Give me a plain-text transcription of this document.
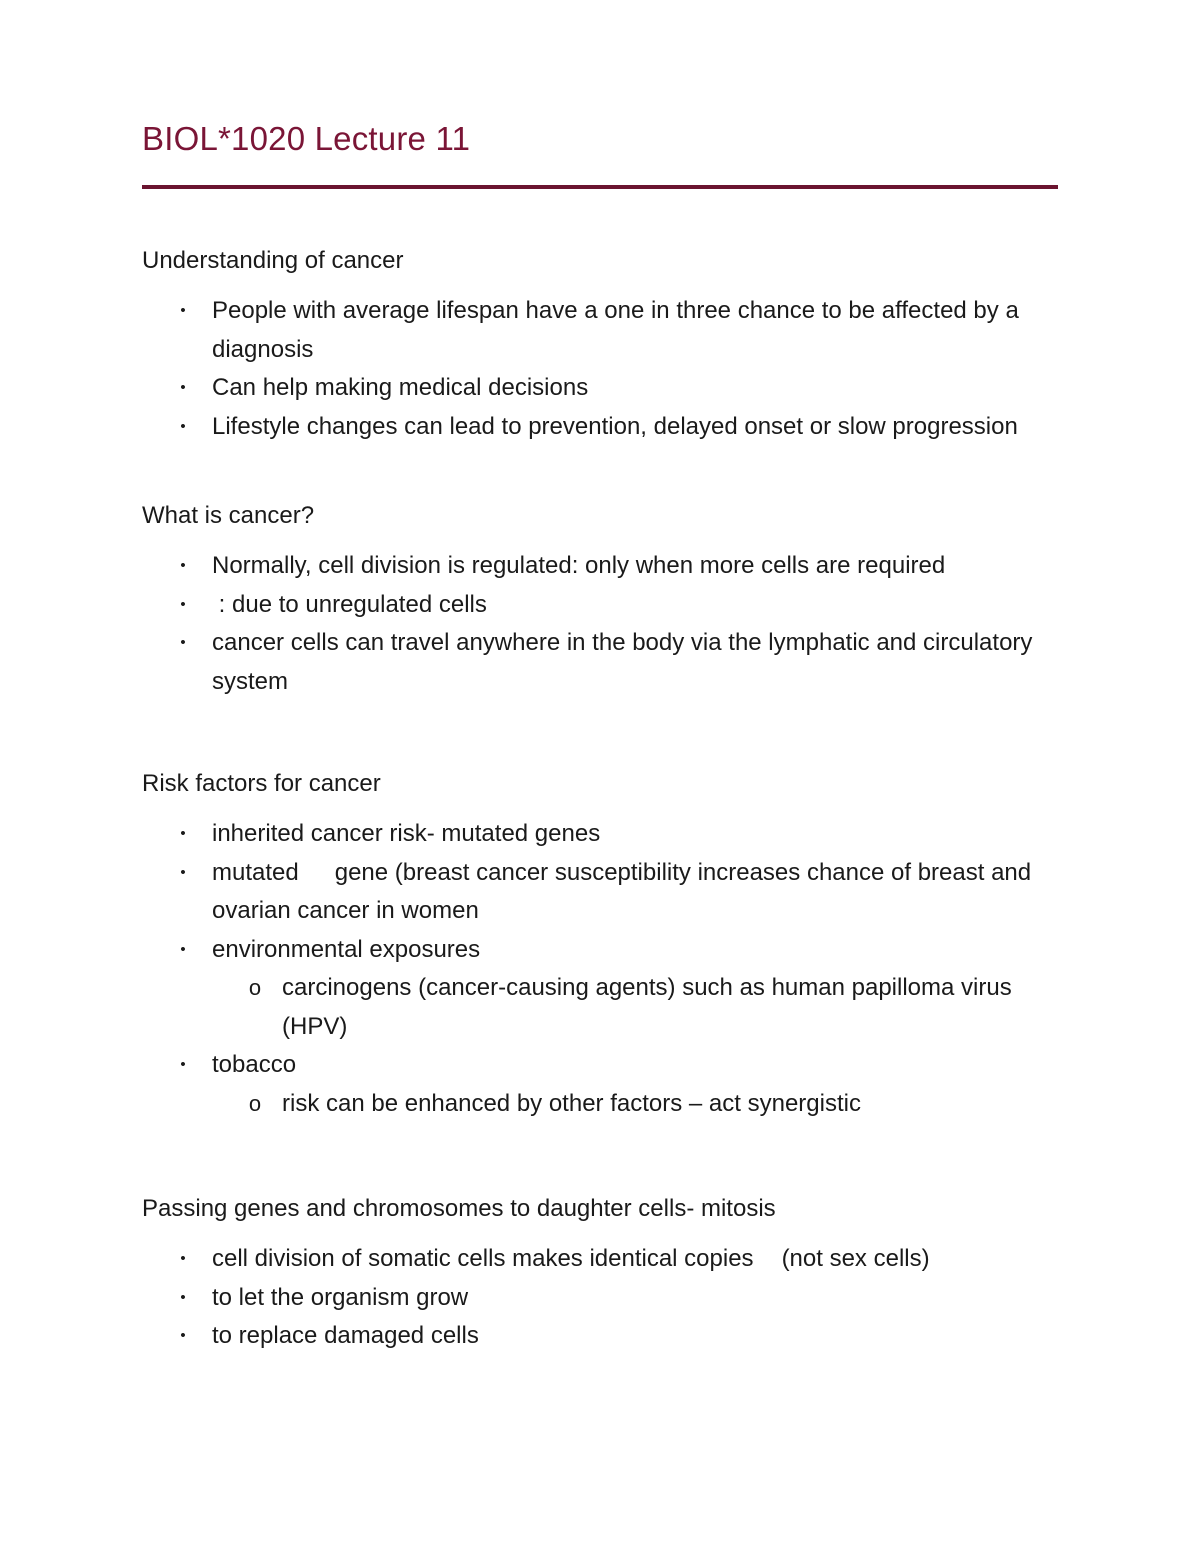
BIOL*1020 Lecture 11
Understanding of cancer
• People with average lifespan have a one in three chance to be affected by a diagnosis
• Can help making medical decisions
• Lifestyle changes can lead to prevention, delayed onset or slow progression
What is cancer?
• Normally, cell division is regulated: only when more cells are required
• : due to unregulated cells
• cancer cells can travel anywhere in the body via the lymphatic and circulatory system
Risk factors for cancer
• inherited cancer risk- mutated genes
• mutated gene (breast cancer susceptibility increases chance of breast and ovarian cancer in women
• environmental exposures
o carcinogens (cancer-causing agents) such as human papilloma virus (HPV)
• tobacco
o risk can be enhanced by other factors – act synergistic
Passing genes and chromosomes to daughter cells- mitosis
• cell division of somatic cells makes identical copies (not sex cells)
• to let the organism grow
• to replace damaged cells
